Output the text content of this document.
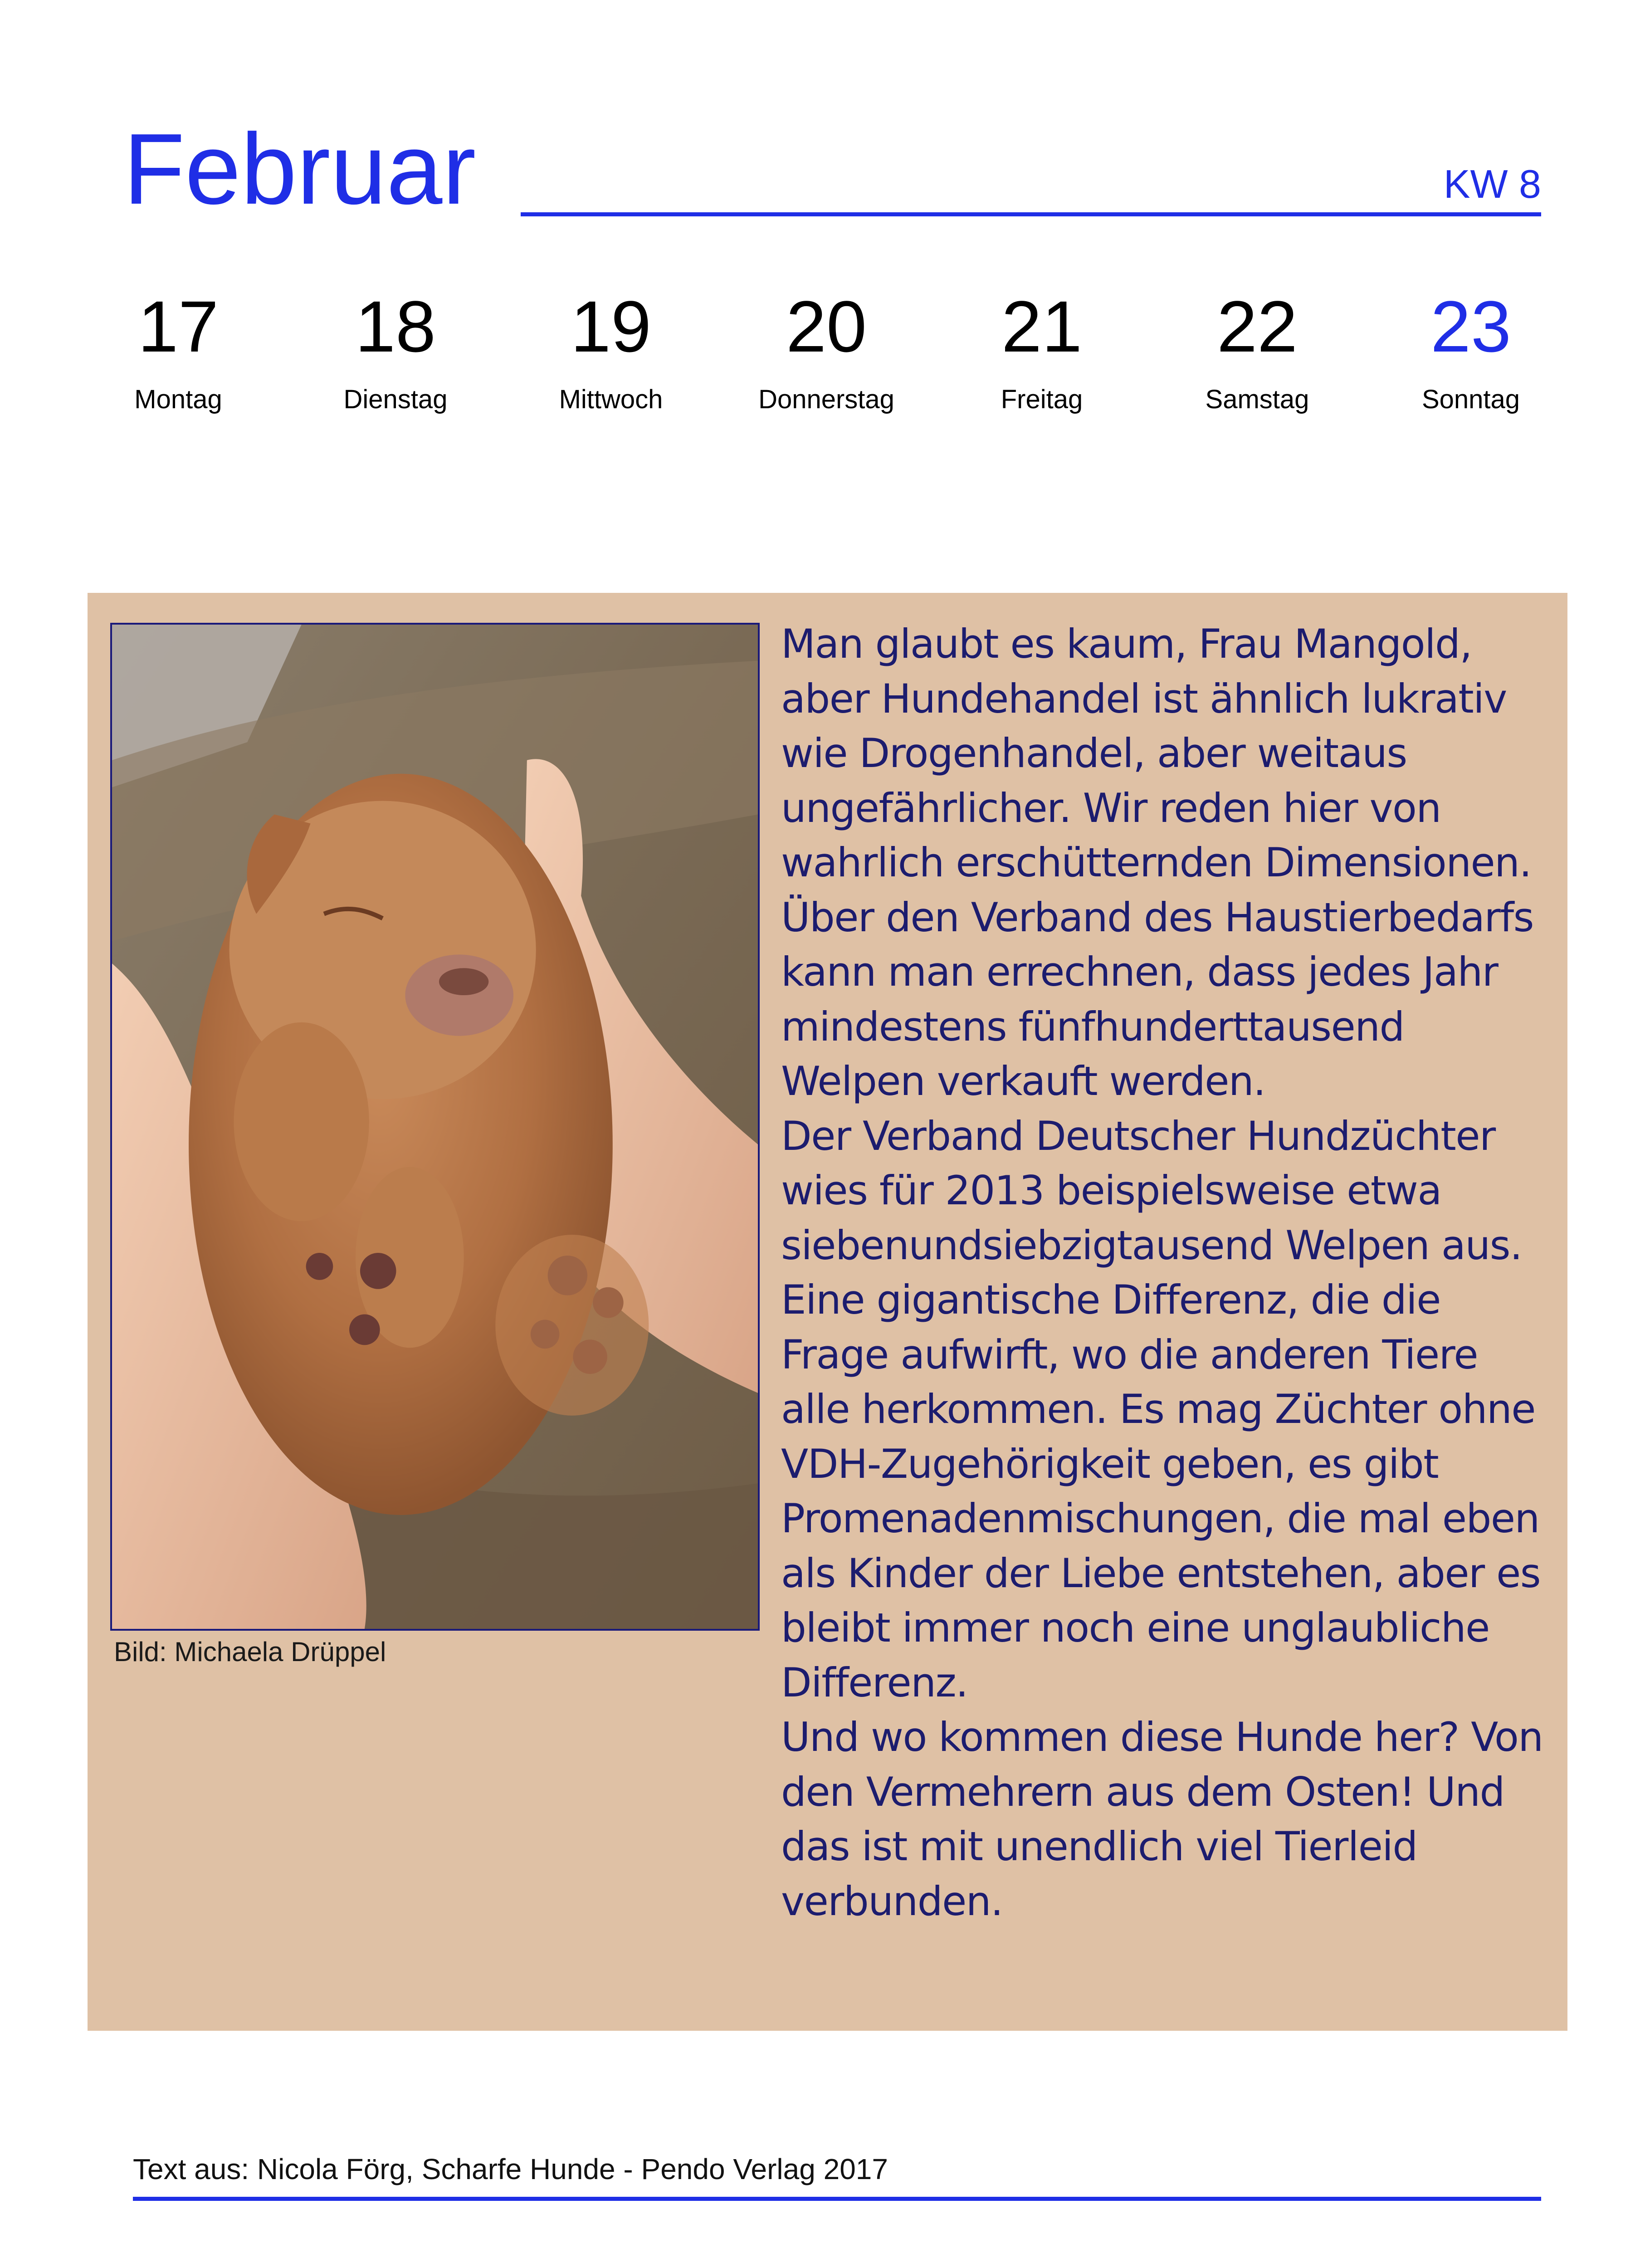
Februar	KW 8
17
Montag
18
Dienstag
19
Mittwoch
20
Donnerstag
21
Freitag
22
Samstag
23
Sonntag
Bild: Michaela Drüppel

Man glaubt es kaum, Frau Mangold, aber Hundehandel ist ähnlich lukrativ wie Drogenhandel, aber weitaus ungefährlicher. Wir reden hier von wahrlich erschütternden Dimensionen. Über den Verband des Haustierbedarfs kann man errechnen, dass jedes Jahr mindestens fünfhunderttausend Welpen verkauft werden.

Der Verband Deutscher Hundzüchter wies für 2013 beispielsweise etwa siebenundsiebzigtausend Welpen aus. Eine gigantische Differenz, die die Frage aufwirft, wo die anderen Tiere alle herkommen. Es mag Züchter ohne VDH-Zugehörigkeit geben, es gibt Promenadenmischungen, die mal eben als Kinder der Liebe entstehen, aber es bleibt immer noch eine unglaubliche Differenz.

Und wo kommen diese Hunde her? Von den Vermehrern aus dem Osten! Und das ist mit unendlich viel Tierleid verbunden.

Text aus: Nicola Förg, Scharfe Hunde - Pendo Verlag 2017
